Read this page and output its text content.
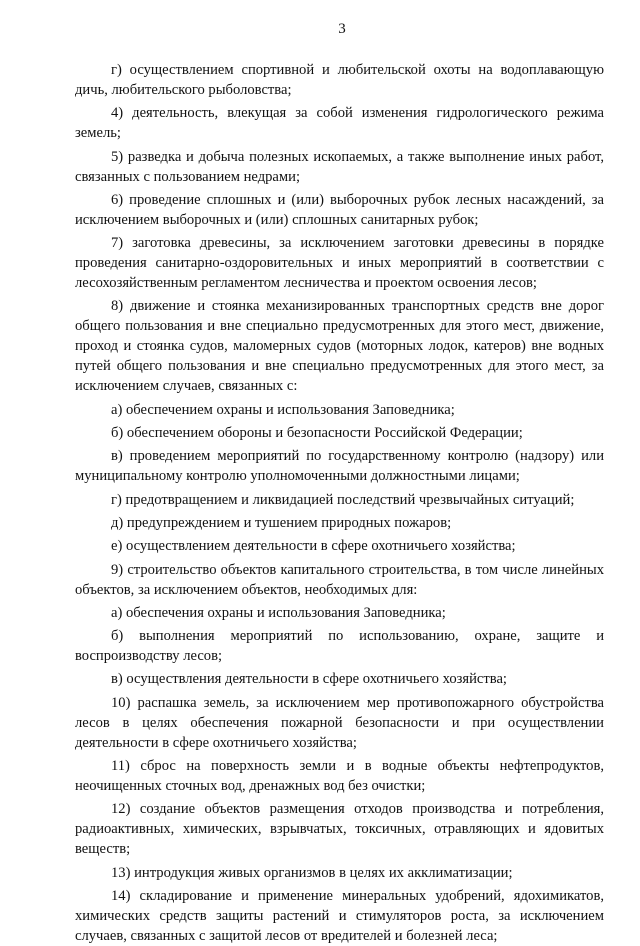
3

г) осуществлением спортивной и любительской охоты на водоплавающую дичь, любительского рыболовства;

4) деятельность, влекущая за собой изменения гидрологического режима земель;

5) разведка и добыча полезных ископаемых, а также выполнение иных работ, связанных с пользованием недрами;

6) проведение сплошных и (или) выборочных рубок лесных насаждений, за исключением выборочных и (или) сплошных санитарных рубок;

7) заготовка древесины, за исключением заготовки древесины в порядке проведения санитарно-оздоровительных и иных мероприятий в соответствии с лесохозяйственным регламентом лесничества и проектом освоения лесов;

8) движение и стоянка механизированных транспортных средств вне дорог общего пользования и вне специально предусмотренных для этого мест, движение, проход и стоянка судов, маломерных судов (моторных лодок, катеров) вне водных путей общего пользования и вне специально предусмотренных для этого мест, за исключением случаев, связанных с:

а) обеспечением охраны и использования Заповедника;

б) обеспечением обороны и безопасности Российской Федерации;

в) проведением мероприятий по государственному контролю (надзору) или муниципальному контролю уполномоченными должностными лицами;

г) предотвращением и ликвидацией последствий чрезвычайных ситуаций;

д) предупреждением и тушением природных пожаров;

е) осуществлением деятельности в сфере охотничьего хозяйства;

9) строительство объектов капитального строительства, в том числе линейных объектов, за исключением объектов, необходимых для:

а) обеспечения охраны и использования Заповедника;

б) выполнения мероприятий по использованию, охране, защите и воспроизводству лесов;

в) осуществления деятельности в сфере охотничьего хозяйства;

10) распашка земель, за исключением мер противопожарного обустройства лесов в целях обеспечения пожарной безопасности и при осуществлении деятельности в сфере охотничьего хозяйства;

11) сброс на поверхность земли и в водные объекты нефтепродуктов, неочищенных сточных вод, дренажных вод без очистки;

12) создание объектов размещения отходов производства и потребления, радиоактивных, химических, взрывчатых, токсичных, отравляющих и ядовитых веществ;

13) интродукция живых организмов в целях их акклиматизации;

14) складирование и применение минеральных удобрений, ядохимикатов, химических средств защиты растений и стимуляторов роста, за исключением случаев, связанных с защитой лесов от вредителей и болезней леса;
